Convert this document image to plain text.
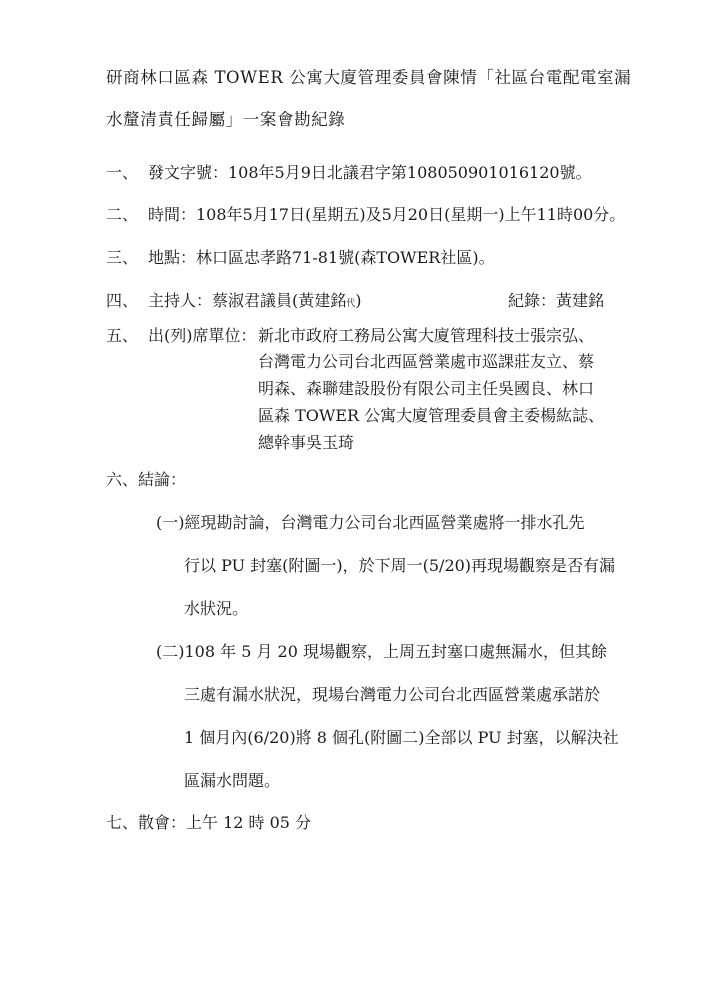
研商林口區森 TOWER 公寓大廈管理委員會陳情「社區台電配電室漏
水釐清責任歸屬」一案會勘紀錄
一、 發文字號：108年5月9日北議君字第108050901016120號。
二、 時間：108年5月17日(星期五)及5月20日(星期一)上午11時00分。
三、 地點：林口區忠孝路71-81號(森TOWER社區)。
四、 主持人：蔡淑君議員(黃建銘代)	紀錄：黃建銘
五、 出(列)席單位： 新北市政府工務局公寓大廈管理科技士張宗弘、
台灣電力公司台北西區營業處市巡課莊友立、蔡
明森、森聯建設股份有限公司主任吳國良、林口
區森 TOWER 公寓大廈管理委員會主委楊紘誌、
總幹事吳玉琦
六、結論：
(一)經現勘討論，台灣電力公司台北西區營業處將一排水孔先
行以 PU 封塞(附圖一)，於下周一(5/20)再現場觀察是否有漏
水狀況。
(二)108 年 5 月 20 現場觀察，上周五封塞口處無漏水，但其餘
三處有漏水狀況，現場台灣電力公司台北西區營業處承諾於
1 個月內(6/20)將 8 個孔(附圖二)全部以 PU 封塞，以解決社
區漏水問題。
七、散會：上午 12 時 05 分
